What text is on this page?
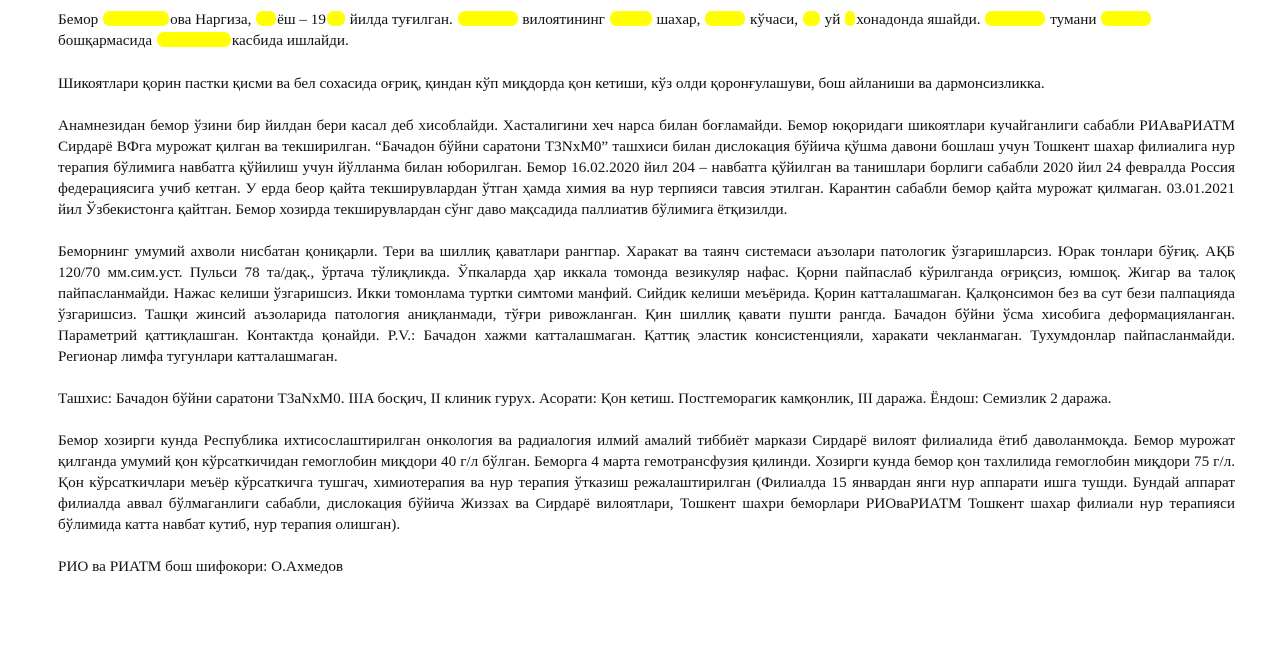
Бемор	ова Наргиза, ёш – 19 йилда туғилган.	вилоятининг	шахар,	кўчаси, уй хонадонда яшайди.	тумани
бошқармасида	касбида ишлайди.

Шикоятлари қорин пастки қисми ва бел сохасида оғриқ, қиндан кўп миқдорда қон кетиши, кўз олди қоронғулашуви, бош айланиши ва дармонсизликка.

Анамнезидан бемор ўзини бир йилдан бери касал деб хисоблайди. Хасталигини хеч нарса билан боғламайди. Бемор юқоридаги шикоятлари кучайганлиги сабабли РИАваРИАТМ Сирдарё ВФга мурожат қилган ва текширилган. “Бачадон бўйни саратони T3NxM0” ташхиси билан дислокация бўйича қўшма давони бошлаш учун Тошкент шахар филиалига нур терапия бўлимига навбатга қўйилиш учун йўлланма билан юборилган. Бемор 16.02.2020 йил 204 – навбатга қўйилган ва танишлари борлиги сабабли 2020 йил 24 февралда Россия федерациясига учиб кетган. У ерда беор қайта текширувлардан ўтган ҳамда химия ва нур терпияси тавсия этилган. Карантин сабабли бемор қайта мурожат қилмаган. 03.01.2021 йил Ўзбекистонга қайтган. Бемор хозирда текширувлардан сўнг даво мақсадида паллиатив бўлимига ётқизилди.

Беморнинг умумий ахволи нисбатан қониқарли. Тери ва шиллиқ қаватлари рангпар. Харакат ва таянч системаси аъзолари патологик ўзгаришларсиз. Юрак тонлари бўғиқ. АҚБ 120/70 мм.сим.уст. Пульси 78 та/дақ., ўртача тўлиқликда. Ўпкаларда ҳар иккала томонда везикуляр нафас. Қорни пайпаслаб кўрилганда оғриқсиз, юмшоқ. Жигар ва талоқ пайпасланмайди. Нажас келиши ўзгаришсиз. Икки томонлама туртки симтоми манфий. Сийдик келиши меъёрида. Қорин катталашмаган. Қалқонсимон без ва сут бези палпацияда ўзгаришсиз. Ташқи жинсий аъзоларида патология аниқланмади, тўғри ривожланган. Қин шиллиқ қавати пушти рангда. Бачадон бўйни ўсма хисобига деформацияланган. Параметрий қаттиқлашган. Контактда қонайди. P.V.: Бачадон хажми катталашмаган. Қаттиқ эластик консистенцияли, харакати чекланмаган. Тухумдонлар пайпасланмайди. Регионар лимфа тугунлари катталашмаган.

Ташхис: Бачадон бўйни саратони T3aNxM0. IIIA босқич, II клиник гурух. Асорати: Қон кетиш. Постгеморагик камқонлик, III даража. Ёндош: Семизлик 2 даража.

Бемор хозирги кунда Республика ихтисослаштирилган онкология ва радиалогия илмий амалий тиббиёт маркази Сирдарё вилоят филиалида ётиб даволанмоқда. Бемор мурожат қилганда умумий қон кўрсаткичидан гемоглобин миқдори 40 г/л бўлган. Беморга 4 марта гемотрансфузия қилинди. Хозирги кунда бемор қон тахлилида гемоглобин миқдори 75 г/л. Қон кўрсаткичлари меъёр кўрсаткичга тушгач, химиотерапия ва нур терапия ўтказиш режалаштирилган (Филиалда 15 январдан янги нур аппарати ишга тушди. Бундай аппарат филиалда аввал бўлмаганлиги сабабли, дислокация бўйича Жиззах ва Сирдарё вилоятлари, Тошкент шахри беморлари РИОваРИАТМ Тошкент шахар филиали нур терапияси бўлимида катта навбат кутиб, нур терапия олишган).

РИО ва РИАТМ бош шифокори: О.Ахмедов
